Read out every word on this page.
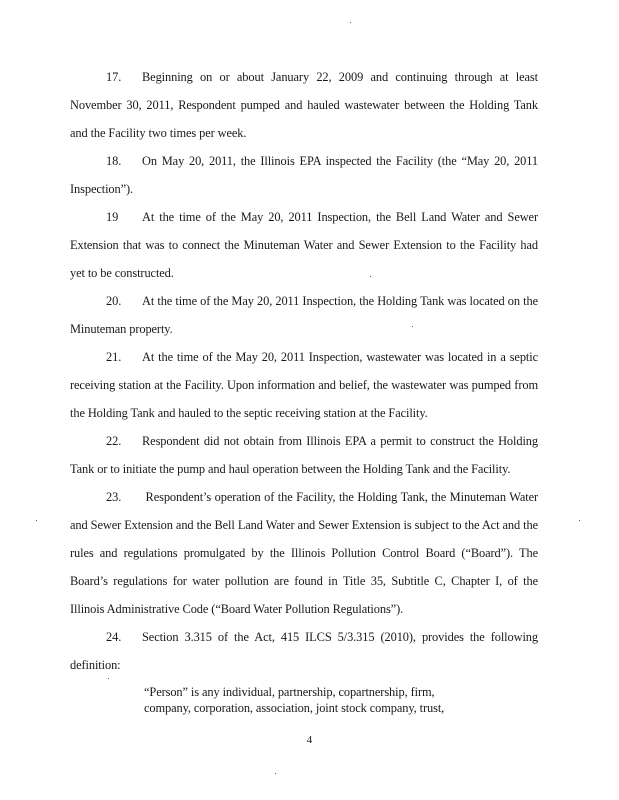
17. Beginning on or about January 22, 2009 and continuing through at least November 30, 2011, Respondent pumped and hauled wastewater between the Holding Tank and the Facility two times per week.
18. On May 20, 2011, the Illinois EPA inspected the Facility (the “May 20, 2011 Inspection”).
19 At the time of the May 20, 2011 Inspection, the Bell Land Water and Sewer Extension that was to connect the Minuteman Water and Sewer Extension to the Facility had yet to be constructed.
20. At the time of the May 20, 2011 Inspection, the Holding Tank was located on the Minuteman property.
21. At the time of the May 20, 2011 Inspection, wastewater was located in a septic receiving station at the Facility. Upon information and belief, the wastewater was pumped from the Holding Tank and hauled to the septic receiving station at the Facility.
22. Respondent did not obtain from Illinois EPA a permit to construct the Holding Tank or to initiate the pump and haul operation between the Holding Tank and the Facility.
23. Respondent’s operation of the Facility, the Holding Tank, the Minuteman Water and Sewer Extension and the Bell Land Water and Sewer Extension is subject to the Act and the rules and regulations promulgated by the Illinois Pollution Control Board (“Board”). The Board’s regulations for water pollution are found in Title 35, Subtitle C, Chapter I, of the Illinois Administrative Code (“Board Water Pollution Regulations”).
24. Section 3.315 of the Act, 415 ILCS 5/3.315 (2010), provides the following definition:
“Person” is any individual, partnership, copartnership, firm,
company, corporation, association, joint stock company, trust,
4
